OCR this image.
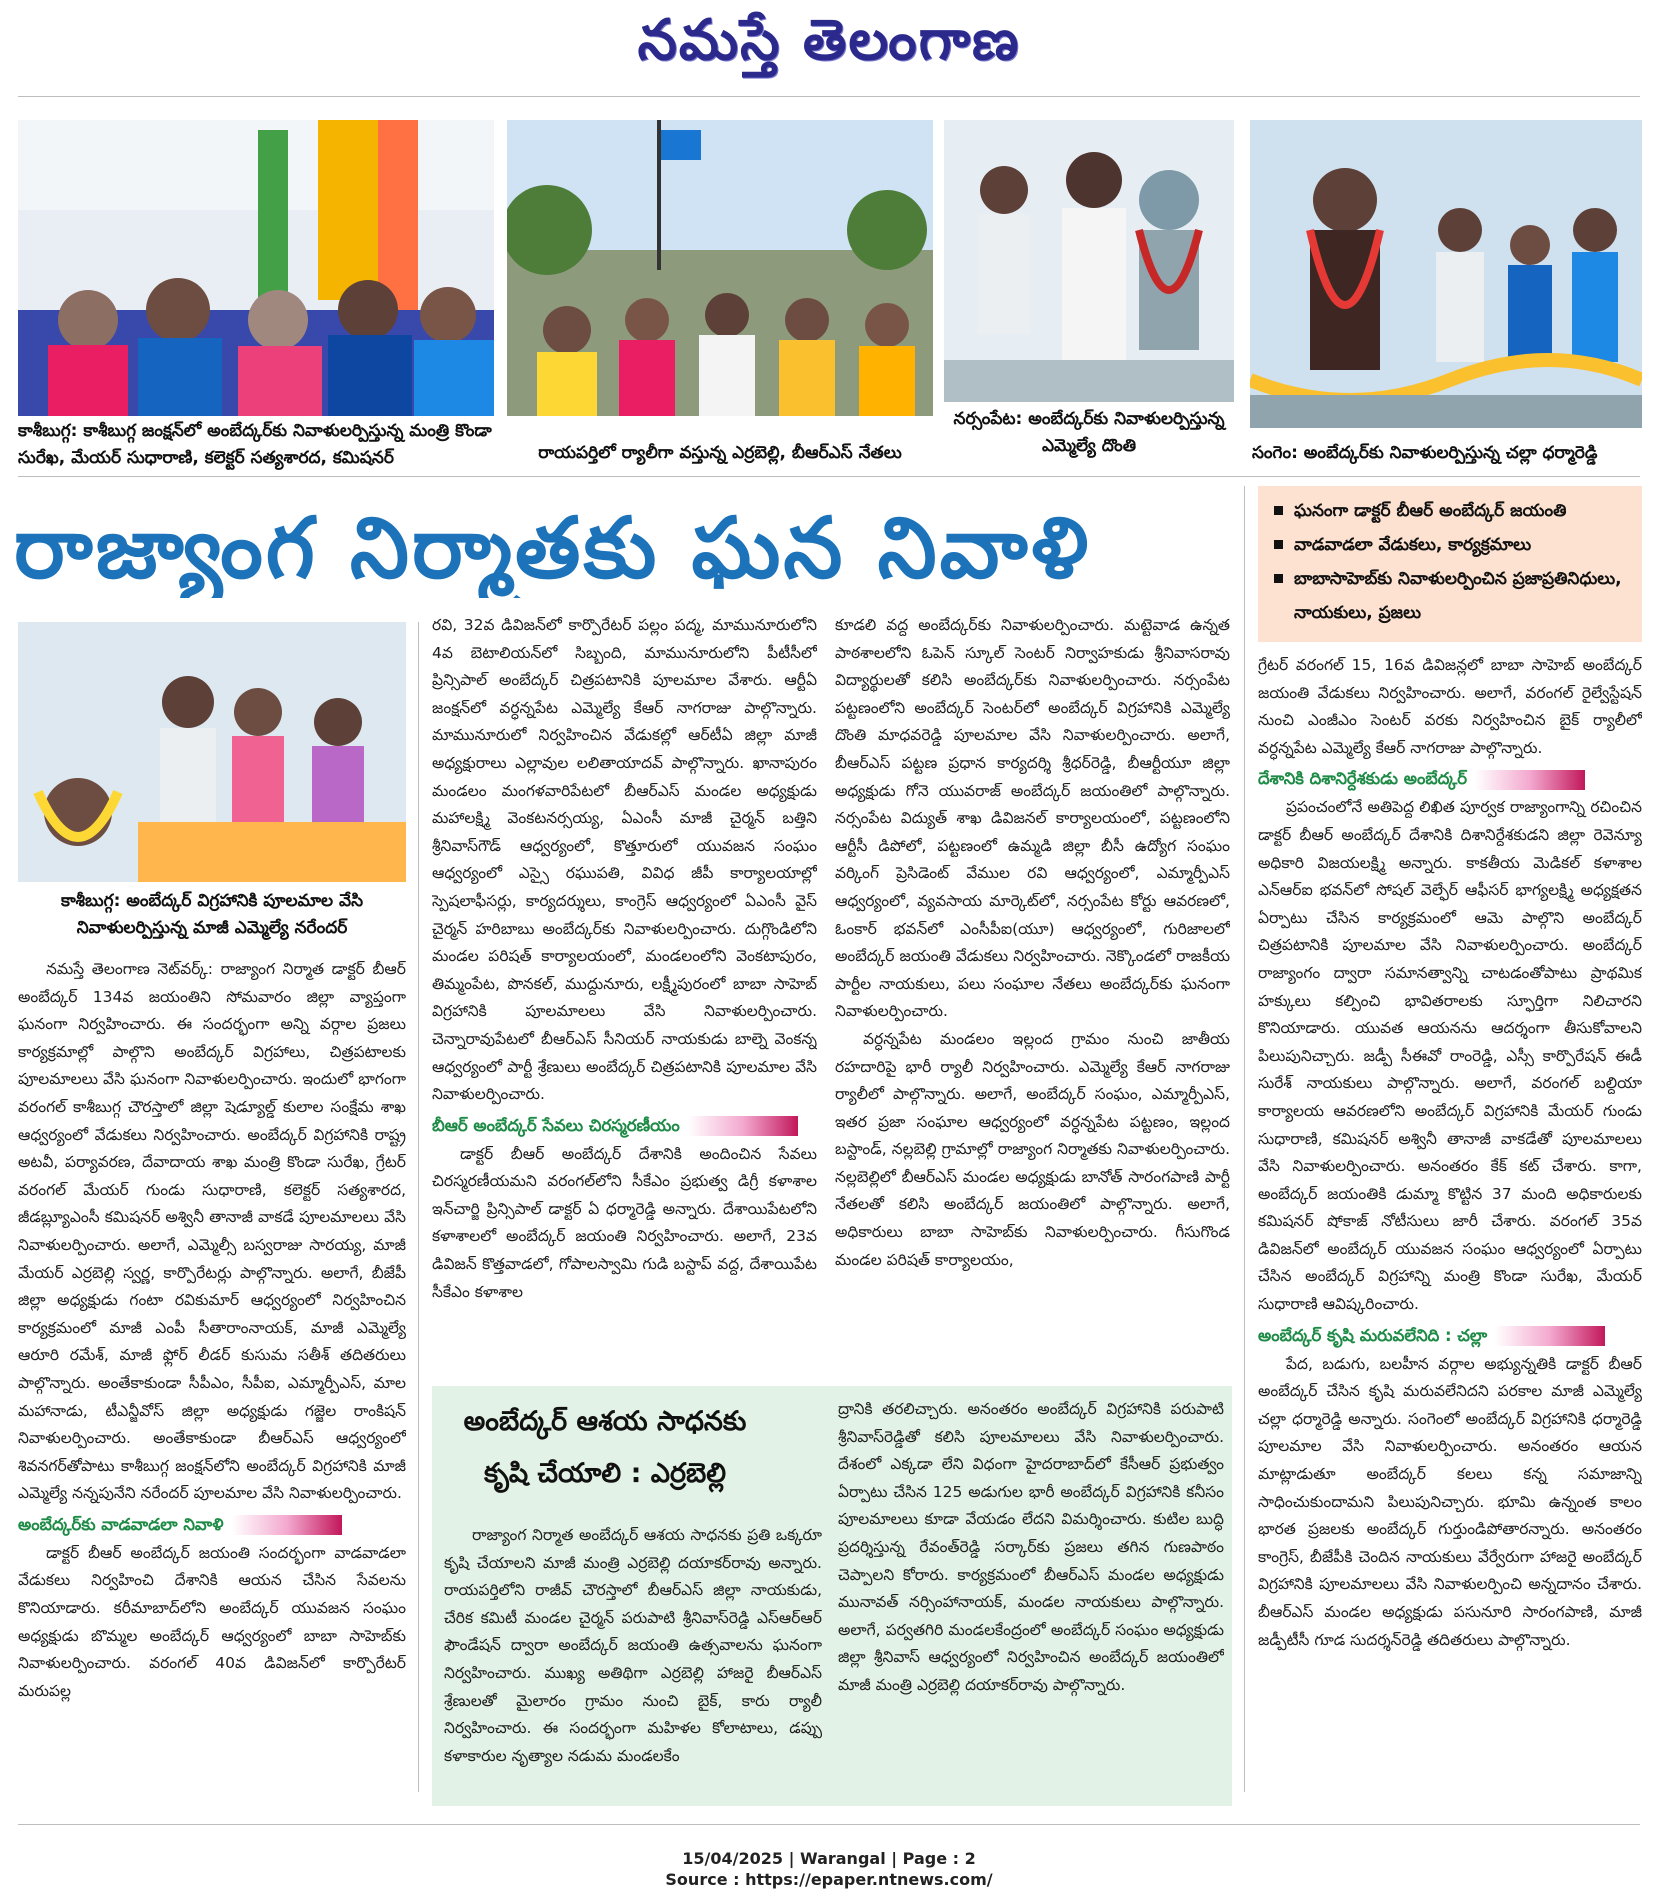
నమస్తే తెలంగాణ
కాశీబుగ్గ: కాశీబుగ్గ జంక్షన్‌లో అంబేద్కర్‌కు నివాళులర్పిస్తున్న మంత్రి కొండా సురేఖ, మేయర్ సుధారాణి, కలెక్టర్ సత్యశారద, కమిషనర్	రాయపర్తిలో ర్యాలీగా వస్తున్న ఎర్రబెల్లి, బీఆర్‌ఎస్ నేతలు
నర్సంపేట: అంబేద్కర్‌కు నివాళులర్పిస్తున్న ఎమ్మెల్యే దొంతి	సంగెం: అంబేద్కర్‌కు నివాళులర్పిస్తున్న చల్లా ధర్మారెడ్డి
రాజ్యాంగ నిర్మాతకు ఘన నివాళి	ఘనంగా డాక్టర్ బీఆర్ అంబేద్కర్ జయంతి
వాడవాడలా వేడుకలు, కార్యక్రమాలు
బాబాసాహెబ్‌కు నివాళులర్పించిన ప్రజాప్రతినిధులు, నాయకులు, ప్రజలు
కాశీబుగ్గ: అంబేద్కర్ విగ్రహానికి పూలమాల వేసి నివాళులర్పిస్తున్న మాజీ ఎమ్మెల్యే నరేందర్

నమస్తే తెలంగాణ నెట్‌వర్క్: రాజ్యాంగ నిర్మాత డాక్టర్ బీఆర్ అంబేద్కర్ 134వ జయంతిని సోమవారం జిల్లా వ్యాప్తంగా ఘనంగా నిర్వహించారు. ఈ సందర్భంగా అన్ని వర్గాల ప్రజలు కార్యక్రమాల్లో పాల్గొని అంబేద్కర్ విగ్రహాలు, చిత్రపటాలకు పూలమాలలు వేసి ఘనంగా నివాళులర్పించారు. ఇందులో భాగంగా వరంగల్ కాశీబుగ్గ చౌరస్తాలో జిల్లా షెడ్యూల్డ్ కులాల సంక్షేమ శాఖ ఆధ్వర్యంలో వేడుకలు నిర్వహించారు. అంబేద్కర్ విగ్రహానికి రాష్ట్ర అటవీ, పర్యావరణ, దేవాదాయ శాఖ మంత్రి కొండా సురేఖ, గ్రేటర్ వరంగల్ మేయర్ గుండు సుధారాణి, కలెక్టర్ సత్యశారద, జీడబ్ల్యూఎంసీ కమిషనర్ అశ్వినీ తానాజీ వాకడే పూలమాలలు వేసి నివాళులర్పించారు. అలాగే, ఎమ్మెల్సీ బస్వరాజు సారయ్య, మాజీ మేయర్ ఎర్రబెల్లి స్వర్ణ, కార్పొరేటర్లు పాల్గొన్నారు. అలాగే, బీజేపీ జిల్లా అధ్యక్షుడు గంటా రవికుమార్ ఆధ్వర్యంలో నిర్వహించిన కార్యక్రమంలో మాజీ ఎంపీ సీతారాంనాయక్, మాజీ ఎమ్మెల్యే ఆరూరి రమేశ్, మాజీ ఫ్లోర్ లీడర్ కుసుమ సతీశ్ తదితరులు పాల్గొన్నారు. అంతేకాకుండా సీపీఎం, సీపీఐ, ఎమ్మార్పీఎస్, మాల మహానాడు, టీఎన్జీవోస్ జిల్లా అధ్యక్షుడు గజ్జెల రాంకిషన్ నివాళులర్పించారు. అంతేకాకుండా బీఆర్‌ఎస్ ఆధ్వర్యంలో శివనగర్‌తోపాటు కాశీబుగ్గ జంక్షన్‌లోని అంబేద్కర్ విగ్రహానికి మాజీ ఎమ్మెల్యే నన్నపునేని నరేందర్ పూలమాల వేసి నివాళులర్పించారు.

అంబేద్కర్‌కు వాడవాడలా నివాళి

డాక్టర్ బీఆర్ అంబేద్కర్ జయంతి సందర్భంగా వాడవాడలా వేడుకలు నిర్వహించి దేశానికి ఆయన చేసిన సేవలను కొనియాడారు. కరీమాబాద్‌లోని అంబేద్కర్ యువజన సంఘం అధ్యక్షుడు బొమ్మల అంబేద్కర్ ఆధ్వర్యంలో బాబా సాహెబ్‌కు నివాళులర్పించారు. వరంగల్ 40వ డివిజన్‌లో కార్పొరేటర్ మరుపల్ల

రవి, 32వ డివిజన్‌లో కార్పొరేటర్ పల్లం పద్మ, మామునూరులోని 4వ బెటాలియన్‌లో సిబ్బంది, మామునూరులోని పీటీసీలో ప్రిన్సిపాల్ అంబేద్కర్ చిత్రపటానికి పూలమాల వేశారు. ఆర్టీఏ జంక్షన్‌లో వర్ధన్నపేట ఎమ్మెల్యే కేఆర్ నాగరాజు పాల్గొన్నారు. మామునూరులో నిర్వహించిన వేడుకల్లో ఆర్‌టీఏ జిల్లా మాజీ అధ్యక్షురాలు ఎల్లావుల లలితాయాదవ్ పాల్గొన్నారు. ఖానాపురం మండలం మంగళవారిపేటలో బీఆర్‌ఎస్ మండల అధ్యక్షుడు మహాలక్ష్మి వెంకటనర్సయ్య, ఏఎంసీ మాజీ చైర్మన్ బత్తిని శ్రీనివాస్‌గౌడ్ ఆధ్వర్యంలో, కొత్తూరులో యువజన సంఘం ఆధ్వర్యంలో ఎస్సై రఘుపతి, వివిధ జీపీ కార్యాలయాల్లో స్పెషలాఫీసర్లు, కార్యదర్శులు, కాంగ్రెస్ ఆధ్వర్యంలో ఏఎంసీ వైస్ చైర్మన్ హరిబాబు అంబేద్కర్‌కు నివాళులర్పించారు. దుగ్గొండిలోని మండల పరిషత్ కార్యాలయంలో, మండలంలోని వెంకటాపురం, తిమ్మంపేట, పొనకల్, ముద్దునూరు, లక్ష్మీపురంలో బాబా సాహెబ్ విగ్రహానికి పూలమాలలు వేసి నివాళులర్పించారు. చెన్నారావుపేటలో బీఆర్‌ఎస్ సీనియర్ నాయకుడు బాల్నె వెంకన్న ఆధ్వర్యంలో పార్టీ శ్రేణులు అంబేద్కర్ చిత్రపటానికి పూలమాల వేసి నివాళులర్పించారు.

బీఆర్ అంబేద్కర్ సేవలు చిరస్మరణీయం

డాక్టర్ బీఆర్ అంబేద్కర్ దేశానికి అందించిన సేవలు చిరస్మరణీయమని వరంగల్‌లోని సీకేఎం ప్రభుత్వ డిగ్రీ కళాశాల ఇన్‌చార్జి ప్రిన్సిపాల్ డాక్టర్ ఏ ధర్మారెడ్డి అన్నారు. దేశాయిపేటలోని కళాశాలలో అంబేద్కర్ జయంతి నిర్వహించారు. అలాగే, 23వ డివిజన్ కొత్తవాడలో, గోపాలస్వామి గుడి బస్టాప్ వద్ద, దేశాయిపేట సీకేఎం కళాశాల

కూడలి వద్ద అంబేద్కర్‌కు నివాళులర్పించారు. మట్టెవాడ ఉన్నత పాఠశాలలోని ఓపెన్ స్కూల్ సెంటర్ నిర్వాహకుడు శ్రీనివాసరావు విద్యార్థులతో కలిసి అంబేద్కర్‌కు నివాళులర్పించారు. నర్సంపేట పట్టణంలోని అంబేద్కర్ సెంటర్‌లో అంబేద్కర్ విగ్రహానికి ఎమ్మెల్యే దొంతి మాధవరెడ్డి పూలమాల వేసి నివాళులర్పించారు. అలాగే, బీఆర్‌ఎస్ పట్టణ ప్రధాన కార్యదర్శి శ్రీధర్‌రెడ్డి, బీఆర్టీయూ జిల్లా అధ్యక్షుడు గోనె యువరాజ్ అంబేద్కర్ జయంతిలో పాల్గొన్నారు. నర్సంపేట విద్యుత్ శాఖ డివిజనల్ కార్యాలయంలో, పట్టణంలోని ఆర్టీసీ డిపోలో, పట్టణంలో ఉమ్మడి జిల్లా బీసీ ఉద్యోగ సంఘం వర్కింగ్ ప్రెసిడెంట్ వేముల రవి ఆధ్వర్యంలో, ఎమ్మార్పీఎస్ ఆధ్వర్యంలో, వ్యవసాయ మార్కెట్‌లో, నర్సంపేట కోర్టు ఆవరణలో, ఓంకార్ భవన్‌లో ఎంసీపీఐ(యూ) ఆధ్వర్యంలో, గురిజాలలో అంబేద్కర్ జయంతి వేడుకలు నిర్వహించారు. నెక్కొండలో రాజకీయ పార్టీల నాయకులు, పలు సంఘాల నేతలు అంబేద్కర్‌కు ఘనంగా నివాళులర్పించారు.

వర్ధన్నపేట మండలం ఇల్లంద గ్రామం నుంచి జాతీయ రహదారిపై భారీ ర్యాలీ నిర్వహించారు. ఎమ్మెల్యే కేఆర్ నాగరాజు ర్యాలీలో పాల్గొన్నారు. అలాగే, అంబేద్కర్ సంఘం, ఎమ్మార్పీఎస్, ఇతర ప్రజా సంఘాల ఆధ్వర్యంలో వర్ధన్నపేట పట్టణం, ఇల్లంద బస్టాండ్, నల్లబెల్లి గ్రామాల్లో రాజ్యాంగ నిర్మాతకు నివాళులర్పించారు. నల్లబెల్లిలో బీఆర్‌ఎస్ మండల అధ్యక్షుడు బానోత్ సారంగపాణి పార్టీ నేతలతో కలిసి అంబేద్కర్ జయంతిలో పాల్గొన్నారు. అలాగే, అధికారులు బాబా సాహెబ్‌కు నివాళులర్పించారు. గీసుగొండ మండల పరిషత్ కార్యాలయం,

అంబేద్కర్ ఆశయ సాధనకు కృషి చేయాలి : ఎర్రబెల్లి

రాజ్యాంగ నిర్మాత అంబేద్కర్ ఆశయ సాధనకు ప్రతి ఒక్కరూ కృషి చేయాలని మాజీ మంత్రి ఎర్రబెల్లి దయాకర్‌రావు అన్నారు. రాయపర్తిలోని రాజీవ్ చౌరస్తాలో బీఆర్‌ఎస్ జిల్లా నాయకుడు, చేరిక కమిటీ మండల చైర్మన్ పరుపాటి శ్రీనివాస్‌రెడ్డి ఎస్‌ఆర్‌ఆర్ ఫౌండేషన్ ద్వారా అంబేద్కర్ జయంతి ఉత్సవాలను ఘనంగా నిర్వహించారు. ముఖ్య అతిథిగా ఎర్రబెల్లి హాజరై బీఆర్‌ఎస్ శ్రేణులతో మైలారం గ్రామం నుంచి బైక్, కారు ర్యాలీ నిర్వహించారు. ఈ సందర్భంగా మహిళల కోలాటాలు, డప్పు కళాకారుల నృత్యాల నడుమ మండలకేం

ద్రానికి తరలిచ్చారు. అనంతరం అంబేద్కర్ విగ్రహానికి పరుపాటి శ్రీనివాస్‌రెడ్డితో కలిసి పూలమాలలు వేసి నివాళులర్పించారు. దేశంలో ఎక్కడా లేని విధంగా హైదరాబాద్‌లో కేసీఆర్ ప్రభుత్వం ఏర్పాటు చేసిన 125 అడుగుల భారీ అంబేద్కర్ విగ్రహానికి కనీసం పూలమాలలు కూడా వేయడం లేదని విమర్శించారు. కుటిల బుద్ధి ప్రదర్శిస్తున్న రేవంత్‌రెడ్డి సర్కార్‌కు ప్రజలు తగిన గుణపాఠం చెప్పాలని కోరారు. కార్యక్రమంలో బీఆర్‌ఎస్ మండల అధ్యక్షుడు మునావత్ నర్సింహానాయక్, మండల నాయకులు పాల్గొన్నారు. అలాగే, పర్వతగిరి మండలకేంద్రంలో అంబేద్కర్ సంఘం అధ్యక్షుడు జిల్లా శ్రీనివాస్ ఆధ్వర్యంలో నిర్వహించిన అంబేద్కర్ జయంతిలో మాజీ మంత్రి ఎర్రబెల్లి దయాకర్‌రావు పాల్గొన్నారు.

గ్రేటర్ వరంగల్ 15, 16వ డివిజన్లలో బాబా సాహెబ్ అంబేద్కర్ జయంతి వేడుకలు నిర్వహించారు. అలాగే, వరంగల్ రైల్వేస్టేషన్ నుంచి ఎంజీఎం సెంటర్ వరకు నిర్వహించిన బైక్ ర్యాలీలో వర్ధన్నపేట ఎమ్మెల్యే కేఆర్ నాగరాజు పాల్గొన్నారు.

దేశానికి దిశానిర్దేశకుడు అంబేద్కర్

ప్రపంచంలోనే అతిపెద్ద లిఖిత పూర్వక రాజ్యాంగాన్ని రచించిన డాక్టర్ బీఆర్ అంబేద్కర్ దేశానికి దిశానిర్దేశకుడని జిల్లా రెవెన్యూ అధికారి విజయలక్ష్మి అన్నారు. కాకతీయ మెడికల్ కళాశాల ఎన్‌ఆర్‌ఐ భవన్‌లో సోషల్ వెల్ఫేర్ ఆఫీసర్ భాగ్యలక్ష్మి అధ్యక్షతన ఏర్పాటు చేసిన కార్యక్రమంలో ఆమె పాల్గొని అంబేద్కర్ చిత్రపటానికి పూలమాల వేసి నివాళులర్పించారు. అంబేద్కర్ రాజ్యాంగం ద్వారా సమానత్వాన్ని చాటడంతోపాటు ప్రాథమిక హక్కులు కల్పించి భావితరాలకు స్ఫూర్తిగా నిలిచారని కొనియాడారు. యువత ఆయనను ఆదర్శంగా తీసుకోవాలని పిలుపునిచ్చారు. జడ్పీ సీఈవో రాంరెడ్డి, ఎస్సీ కార్పొరేషన్ ఈడీ సురేశ్ నాయకులు పాల్గొన్నారు. అలాగే, వరంగల్ బల్దియా కార్యాలయ ఆవరణలోని అంబేద్కర్ విగ్రహానికి మేయర్ గుండు సుధారాణి, కమిషనర్ అశ్వినీ తానాజీ వాకడేతో పూలమాలలు వేసి నివాళులర్పించారు. అనంతరం కేక్ కట్ చేశారు. కాగా, అంబేద్కర్ జయంతికి డుమ్మా కొట్టిన 37 మంది అధికారులకు కమిషనర్ షోకాజ్ నోటీసులు జారీ చేశారు. వరంగల్ 35వ డివిజన్‌లో అంబేద్కర్ యువజన సంఘం ఆధ్వర్యంలో ఏర్పాటు చేసిన అంబేద్కర్ విగ్రహాన్ని మంత్రి కొండా సురేఖ, మేయర్ సుధారాణి ఆవిష్కరించారు.

అంబేద్కర్ కృషి మరువలేనిది : చల్లా

పేద, బడుగు, బలహీన వర్గాల అభ్యున్నతికి డాక్టర్ బీఆర్ అంబేద్కర్ చేసిన కృషి మరువలేనిదని పరకాల మాజీ ఎమ్మెల్యే చల్లా ధర్మారెడ్డి అన్నారు. సంగెంలో అంబేద్కర్ విగ్రహానికి ధర్మారెడ్డి పూలమాల వేసి నివాళులర్పించారు. అనంతరం ఆయన మాట్లాడుతూ అంబేద్కర్ కలలు కన్న సమాజాన్ని సాధించుకుందామని పిలుపునిచ్చారు. భూమి ఉన్నంత కాలం భారత ప్రజలకు అంబేద్కర్ గుర్తుండిపోతారన్నారు. అనంతరం కాంగ్రెస్, బీజేపీకి చెందిన నాయకులు వేర్వేరుగా హాజరై అంబేద్కర్ విగ్రహానికి పూలమాలలు వేసి నివాళులర్పించి అన్నదానం చేశారు. బీఆర్‌ఎస్ మండల అధ్యక్షుడు పసునూరి సారంగపాణి, మాజీ జడ్పీటీసీ గూడ సుదర్శన్‌రెడ్డి తదితరులు పాల్గొన్నారు.

15/04/2025 | Warangal | Page : 2
Source : https://epaper.ntnews.com/
